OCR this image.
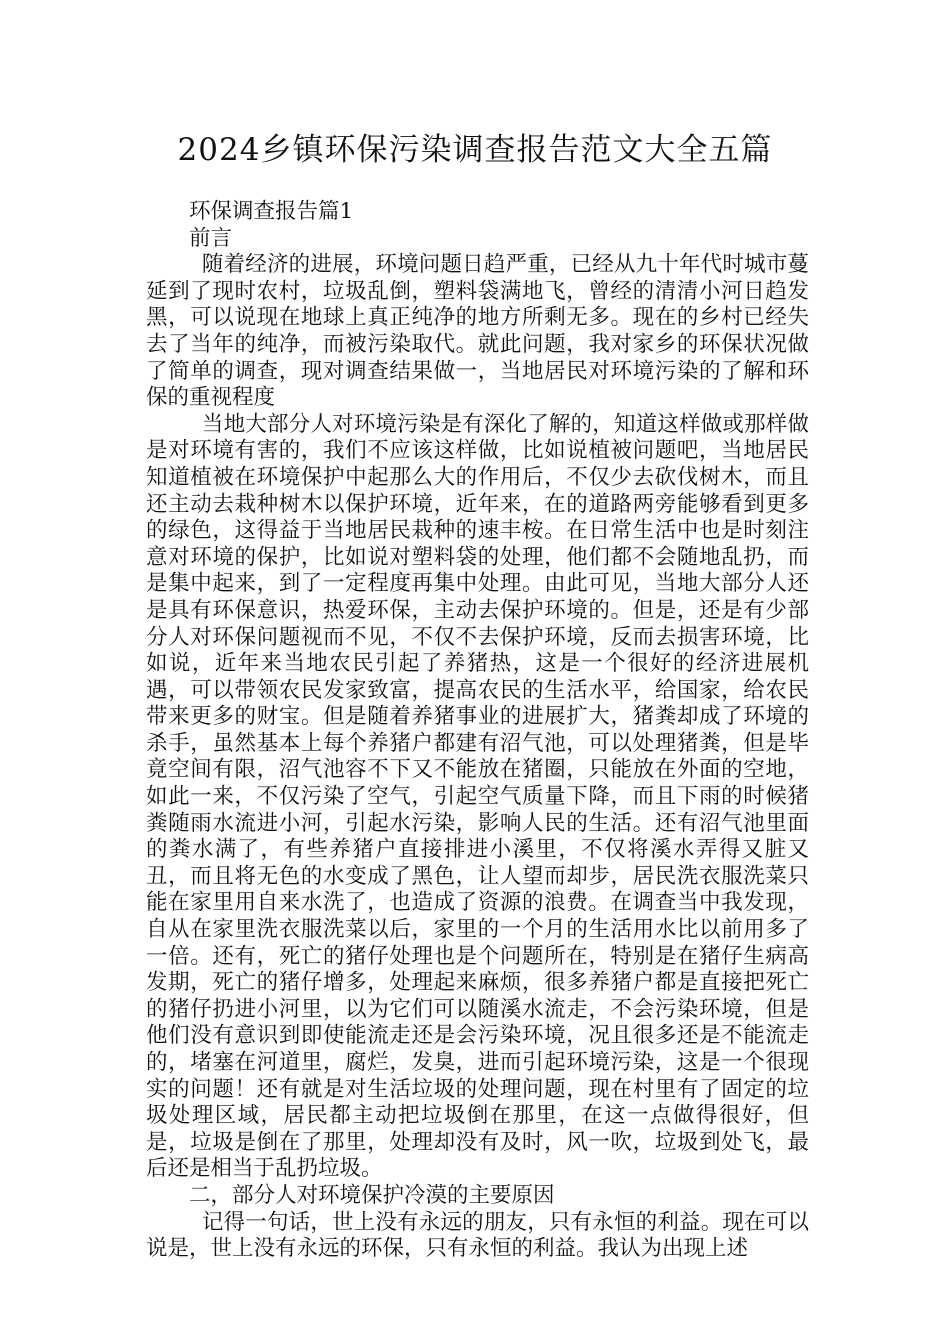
2024乡镇环保污染调查报告范文大全五篇

环保调查报告篇1

前言

随着经济的进展，环境问题日趋严重，已经从九十年代时城市蔓延到了现时农村，垃圾乱倒，塑料袋满地飞，曾经的清清小河日趋发黑，可以说现在地球上真正纯净的地方所剩无多。现在的乡村已经失去了当年的纯净，而被污染取代。就此问题，我对家乡的环保状况做了简单的调查，现对调查结果做一，当地居民对环境污染的了解和环保的重视程度

当地大部分人对环境污染是有深化了解的，知道这样做或那样做是对环境有害的，我们不应该这样做，比如说植被问题吧，当地居民知道植被在环境保护中起那么大的作用后，不仅少去砍伐树木，而且还主动去栽种树木以保护环境，近年来，在的道路两旁能够看到更多的绿色，这得益于当地居民栽种的速丰桉。在日常生活中也是时刻注意对环境的保护，比如说对塑料袋的处理，他们都不会随地乱扔，而是集中起来，到了一定程度再集中处理。由此可见，当地大部分人还是具有环保意识，热爱环保，主动去保护环境的。但是，还是有少部分人对环保问题视而不见，不仅不去保护环境，反而去损害环境，比如说，近年来当地农民引起了养猪热，这是一个很好的经济进展机遇，可以带领农民发家致富，提高农民的生活水平，给国家，给农民带来更多的财宝。但是随着养猪事业的进展扩大，猪粪却成了环境的杀手，虽然基本上每个养猪户都建有沼气池，可以处理猪粪，但是毕竟空间有限，沼气池容不下又不能放在猪圈，只能放在外面的空地，如此一来，不仅污染了空气，引起空气质量下降，而且下雨的时候猪粪随雨水流进小河，引起水污染，影响人民的生活。还有沼气池里面的粪水满了，有些养猪户直接排进小溪里，不仅将溪水弄得又脏又丑，而且将无色的水变成了黑色，让人望而却步，居民洗衣服洗菜只能在家里用自来水洗了，也造成了资源的浪费。在调查当中我发现，自从在家里洗衣服洗菜以后，家里的一个月的生活用水比以前用多了一倍。还有，死亡的猪仔处理也是个问题所在，特别是在猪仔生病高发期，死亡的猪仔增多，处理起来麻烦，很多养猪户都是直接把死亡的猪仔扔进小河里，以为它们可以随溪水流走，不会污染环境，但是他们没有意识到即使能流走还是会污染环境，况且很多还是不能流走的，堵塞在河道里，腐烂，发臭，进而引起环境污染，这是一个很现实的问题！还有就是对生活垃圾的处理问题，现在村里有了固定的垃圾处理区域，居民都主动把垃圾倒在那里，在这一点做得很好，但是，垃圾是倒在了那里，处理却没有及时，风一吹，垃圾到处飞，最后还是相当于乱扔垃圾。

二，部分人对环境保护冷漠的主要原因

记得一句话，世上没有永远的朋友，只有永恒的利益。现在可以说是，世上没有永远的环保，只有永恒的利益。我认为出现上述
